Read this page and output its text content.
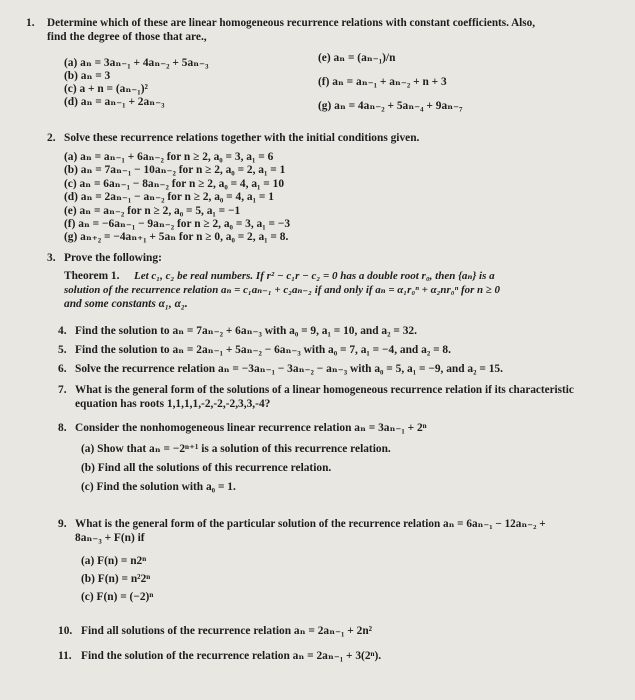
1. Determine which of these are linear homogeneous recurrence relations with constant coefficients. Also,
find the degree of those that are.,
(a) aₙ = 3aₙ₋₁ + 4aₙ₋₂ + 5aₙ₋₃
(b) aₙ = 3
(c) a + n = (aₙ₋₁)²
(d) aₙ = aₙ₋₁ + 2aₙ₋₃
(e) aₙ = (aₙ₋₁)/n
(f) aₙ = aₙ₋₁ + aₙ₋₂ + n + 3
(g) aₙ = 4aₙ₋₂ + 5aₙ₋₄ + 9aₙ₋₇
2. Solve these recurrence relations together with the initial conditions given.
(a) aₙ = aₙ₋₁ + 6aₙ₋₂ for n ≥ 2, a₀ = 3, a₁ = 6
(b) aₙ = 7aₙ₋₁ − 10aₙ₋₂ for n ≥ 2, a₀ = 2, a₁ = 1
(c) aₙ = 6aₙ₋₁ − 8aₙ₋₂ for n ≥ 2, a₀ = 4, a₁ = 10
(d) aₙ = 2aₙ₋₁ − aₙ₋₂ for n ≥ 2, a₀ = 4, a₁ = 1
(e) aₙ = aₙ₋₂ for n ≥ 2, a₀ = 5, a₁ = −1
(f) aₙ = −6aₙ₋₁ − 9aₙ₋₂ for n ≥ 2, a₀ = 3, a₁ = −3
(g) aₙ₊₂ = −4aₙ₊₁ + 5aₙ for n ≥ 0, a₀ = 2, a₁ = 8.
3. Prove the following:
Theorem 1. Let c₁, c₂ be real numbers. If r² − c₁r − c₂ = 0 has a double root r₀, then {aₙ} is a
solution of the recurrence relation aₙ = c₁aₙ₋₁ + c₂aₙ₋₂ if and only if aₙ = α₁r₀ⁿ + α₂nr₀ⁿ for n ≥ 0
and some constants α₁, α₂.
4. Find the solution to aₙ = 7aₙ₋₂ + 6aₙ₋₃ with a₀ = 9, a₁ = 10, and a₂ = 32.
5. Find the solution to aₙ = 2aₙ₋₁ + 5aₙ₋₂ − 6aₙ₋₃ with a₀ = 7, a₁ = −4, and a₂ = 8.
6. Solve the recurrence relation aₙ = −3aₙ₋₁ − 3aₙ₋₂ − aₙ₋₃ with a₀ = 5, a₁ = −9, and a₂ = 15.
7. What is the general form of the solutions of a linear homogeneous recurrence relation if its characteristic
equation has roots 1,1,1,1,-2,-2,-2,3,3,-4?
8. Consider the nonhomogeneous linear recurrence relation aₙ = 3aₙ₋₁ + 2ⁿ
(a) Show that aₙ = −2ⁿ⁺¹ is a solution of this recurrence relation.
(b) Find all the solutions of this recurrence relation.
(c) Find the solution with a₀ = 1.
9. What is the general form of the particular solution of the recurrence relation aₙ = 6aₙ₋₁ − 12aₙ₋₂ +
8aₙ₋₃ + F(n) if
(a) F(n) = n2ⁿ
(b) F(n) = n²2ⁿ
(c) F(n) = (−2)ⁿ
10. Find all solutions of the recurrence relation aₙ = 2aₙ₋₁ + 2n²
11. Find the solution of the recurrence relation aₙ = 2aₙ₋₁ + 3(2ⁿ).
